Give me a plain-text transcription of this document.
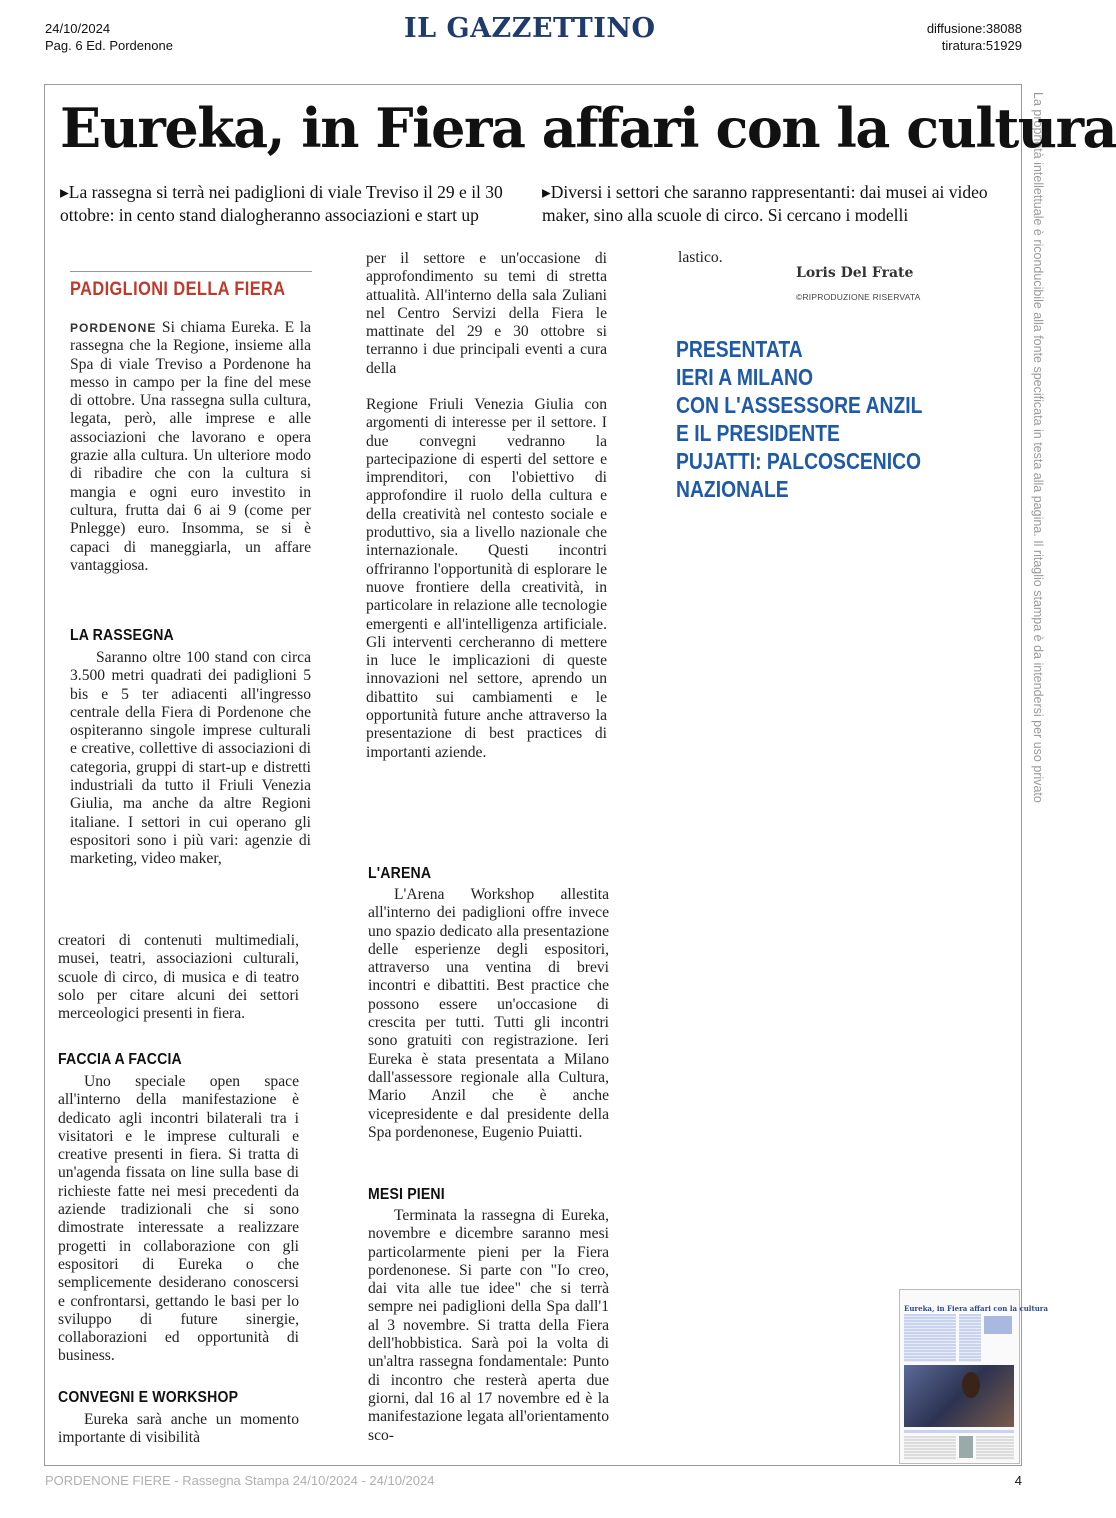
24/10/2024
Pag. 6 Ed. Pordenone
IL GAZZETTINO	diffusione:38088
tiratura:51929
La proprietà intellettuale è riconducibile alla fonte specificata in testa alla pagina. Il ritaglio stampa è da intendersi per uso privato
Eureka, in Fiera affari con la cultura
▸La rassegna si terrà nei padiglioni di viale Treviso il 29 e il 30 ottobre: in cento stand dialogheranno associazioni e start up
▸Diversi i settori che saranno rappresentanti: dai musei ai video maker, sino alla scuole di circo. Si cercano i modelli
PADIGLIONI DELLA FIERA

PORDENONE Si chiama Eureka. E la rassegna che la Regione, insieme alla Spa di viale Treviso a Pordenone ha messo in campo per la fine del mese di ottobre. Una rassegna sulla cultura, legata, però, alle imprese e alle associazioni che lavorano e opera grazie alla cultura. Un ulteriore modo di ribadire che con la cultura si mangia e ogni euro investito in cultura, frutta dai 6 ai 9 (come per Pnlegge) euro. Insomma, se si è capaci di maneggiarla, un affare vantaggiosa.

LA RASSEGNA

Saranno oltre 100 stand con circa 3.500 metri quadrati dei padiglioni 5 bis e 5 ter adiacenti all'ingresso centrale della Fiera di Pordenone che ospiteranno singole imprese culturali e creative, collettive di associazioni di categoria, gruppi di start-up e distretti industriali da tutto il Friuli Venezia Giulia, ma anche da altre Regioni italiane. I settori in cui operano gli espositori sono i più vari: agenzie di marketing, video maker,

creatori di contenuti multimediali, musei, teatri, associazioni culturali, scuole di circo, di musica e di teatro solo per citare alcuni dei settori merceologici presenti in fiera.

FACCIA A FACCIA

Uno speciale open space all'interno della manifestazione è dedicato agli incontri bilaterali tra i visitatori e le imprese culturali e creative presenti in fiera. Si tratta di un'agenda fissata on line sulla base di richieste fatte nei mesi precedenti da aziende tradizionali che si sono dimostrate interessate a realizzare progetti in collaborazione con gli espositori di Eureka o che semplicemente desiderano conoscersi e confrontarsi, gettando le basi per lo sviluppo di future sinergie, collaborazioni ed opportunità di business.

CONVEGNI E WORKSHOP

Eureka sarà anche un momento importante di visibilità

per il settore e un'occasione di approfondimento su temi di stretta attualità. All'interno della sala Zuliani nel Centro Servizi della Fiera le mattinate del 29 e 30 ottobre si terranno i due principali eventi a cura della

Regione Friuli Venezia Giulia con argomenti di interesse per il settore. I due convegni vedranno la partecipazione di esperti del settore e imprenditori, con l'obiettivo di approfondire il ruolo della cultura e della creatività nel contesto sociale e produttivo, sia a livello nazionale che internazionale. Questi incontri offriranno l'opportunità di esplorare le nuove frontiere della creatività, in particolare in relazione alle tecnologie emergenti e all'intelligenza artificiale. Gli interventi cercheranno di mettere in luce le implicazioni di queste innovazioni nel settore, aprendo un dibattito sui cambiamenti e le opportunità future anche attraverso la presentazione di best practices di importanti aziende.

L'ARENA

L'Arena Workshop allestita all'interno dei padiglioni offre invece uno spazio dedicato alla presentazione delle esperienze degli espositori, attraverso una ventina di brevi incontri e dibattiti. Best practice che possono essere un'occasione di crescita per tutti. Tutti gli incontri sono gratuiti con registrazione. Ieri Eureka è stata presentata a Milano dall'assessore regionale alla Cultura, Mario Anzil che è anche vicepresidente e dal presidente della Spa pordenonese, Eugenio Puiatti.

MESI PIENI

Terminata la rassegna di Eureka, novembre e dicembre saranno mesi particolarmente pieni per la Fiera pordenonese. Si parte con "Io creo, dai vita alle tue idee" che si terrà sempre nei padiglioni della Spa dall'1 al 3 novembre. Si tratta della Fiera dell'hobbistica. Sarà poi la volta di un'altra rassegna fondamentale: Punto di incontro che resterà aperta due giorni, dal 16 al 17 novembre ed è la manifestazione legata all'orientamento sco-

lastico.
Loris Del Frate
©RIPRODUZIONE RISERVATA
PRESENTATA
IERI A MILANO
CON L'ASSESSORE ANZIL
E IL PRESIDENTE
PUJATTI: PALCOSCENICO
NAZIONALE
Eureka, in Fiera affari con la cultura
PORDENONE FIERE - Rassegna Stampa 24/10/2024 - 24/10/2024	4
